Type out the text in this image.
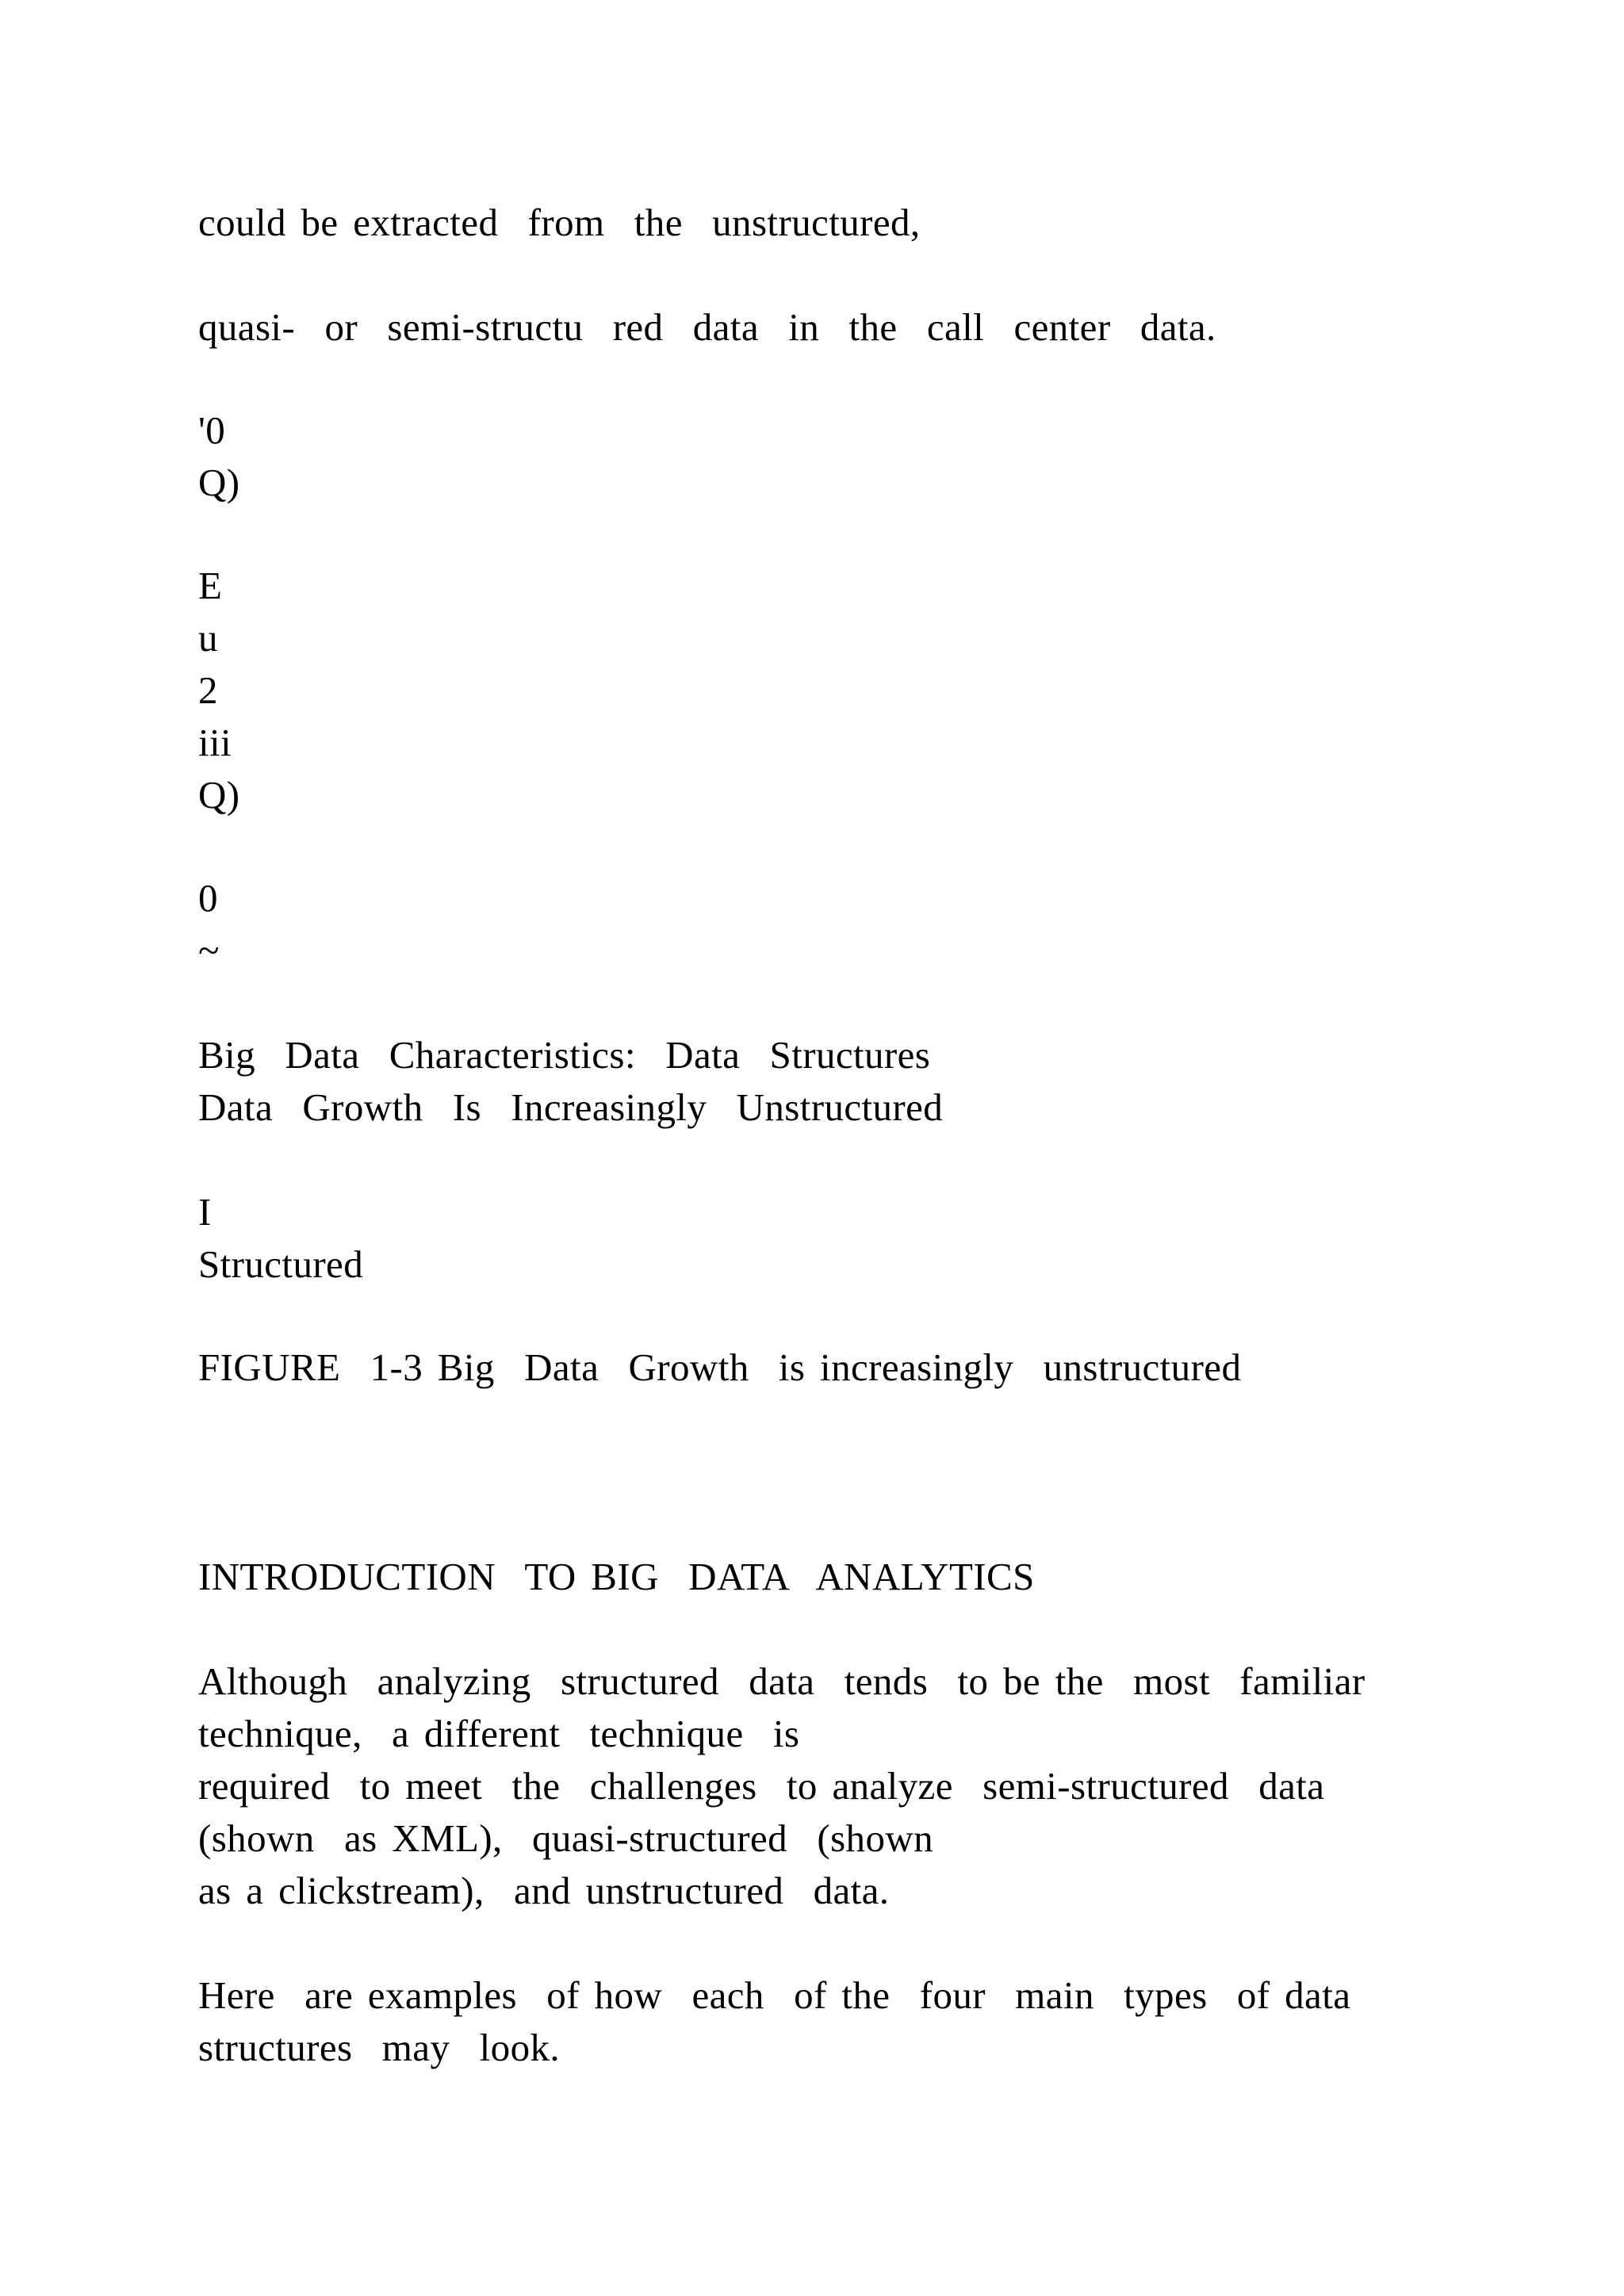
could be extracted  from  the  unstructured,

quasi-  or  semi-structu  red  data  in  the  call  center  data.

'0

Q)

E

u

2

iii

Q)

0

~

Big  Data  Characteristics:  Data  Structures

Data  Growth  Is  Increasingly  Unstructured

I

Structured

FIGURE  1-3 Big  Data  Growth  is increasingly  unstructured

INTRODUCTION  TO BIG  DATA  ANALYTICS

Although  analyzing  structured  data  tends  to be the  most  familiar

technique,  a different  technique  is

required  to meet  the  challenges  to analyze  semi-structured  data

(shown  as XML),  quasi-structured  (shown

as a clickstream),  and unstructured  data.

Here  are examples  of how  each  of the  four  main  types  of data

structures  may  look.
